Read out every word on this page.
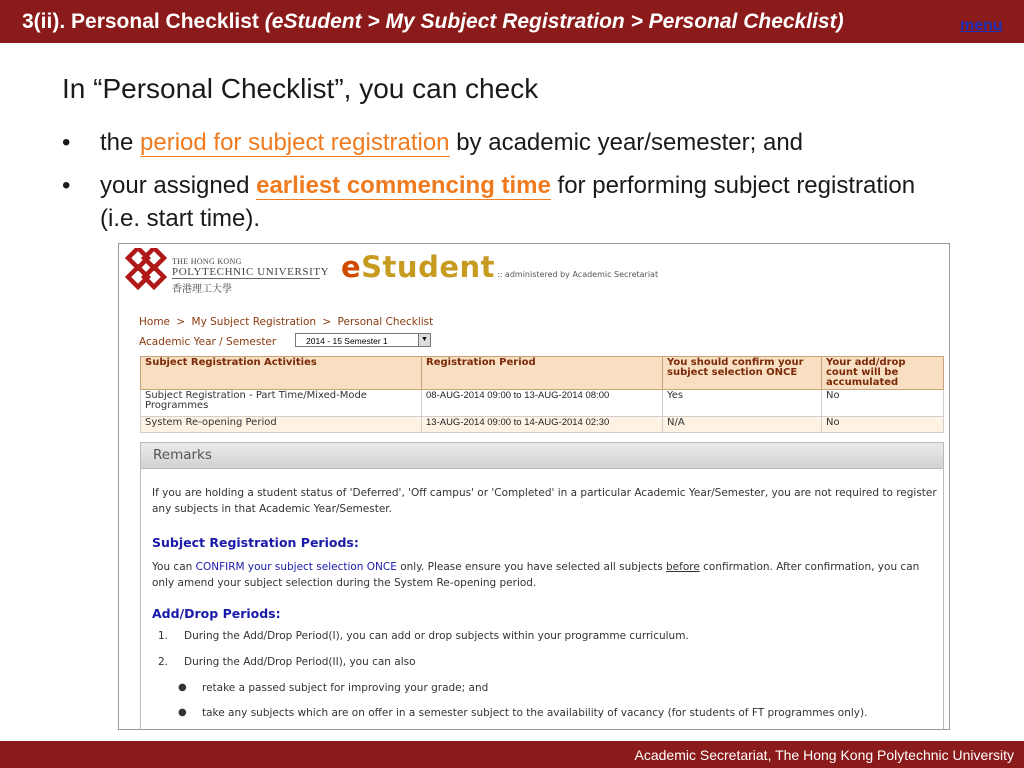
3(ii). Personal Checklist (eStudent > My Subject Registration > Personal Checklist)	menu
In “Personal Checklist”, you can check
• the period for subject registration by academic year/semester; and
• your assigned earliest commencing time for performing subject registration (i.e. start time).
THE HONG KONG
POLYTECHNIC UNIVERSITY
香港理工大學
eStudent :: administered by Academic Secretariat
Home > My Subject Registration > Personal Checklist
Academic Year / Semester	2014 - 15 Semester 1	▼
Subject Registration Activities	Registration Period	You should confirm your subject selection ONCE	Your add/drop count will be accumulated
Subject Registration - Part Time/Mixed-Mode Programmes	08-AUG-2014 09:00 to 13-AUG-2014 08:00	Yes	No
System Re-opening Period	13-AUG-2014 09:00 to 14-AUG-2014 02:30	N/A	No
Remarks
If you are holding a student status of 'Deferred', 'Off campus' or 'Completed' in a particular Academic Year/Semester, you are not required to register any subjects in that Academic Year/Semester.
Subject Registration Periods:
You can CONFIRM your subject selection ONCE only. Please ensure you have selected all subjects before confirmation. After confirmation, you can only amend your subject selection during the System Re-opening period.
Add/Drop Periods:
1. During the Add/Drop Period(I), you can add or drop subjects within your programme curriculum.
2. During the Add/Drop Period(II), you can also
● retake a passed subject for improving your grade; and
● take any subjects which are on offer in a semester subject to the availability of vacancy (for students of FT programmes only).
Academic Secretariat, The Hong Kong Polytechnic University
